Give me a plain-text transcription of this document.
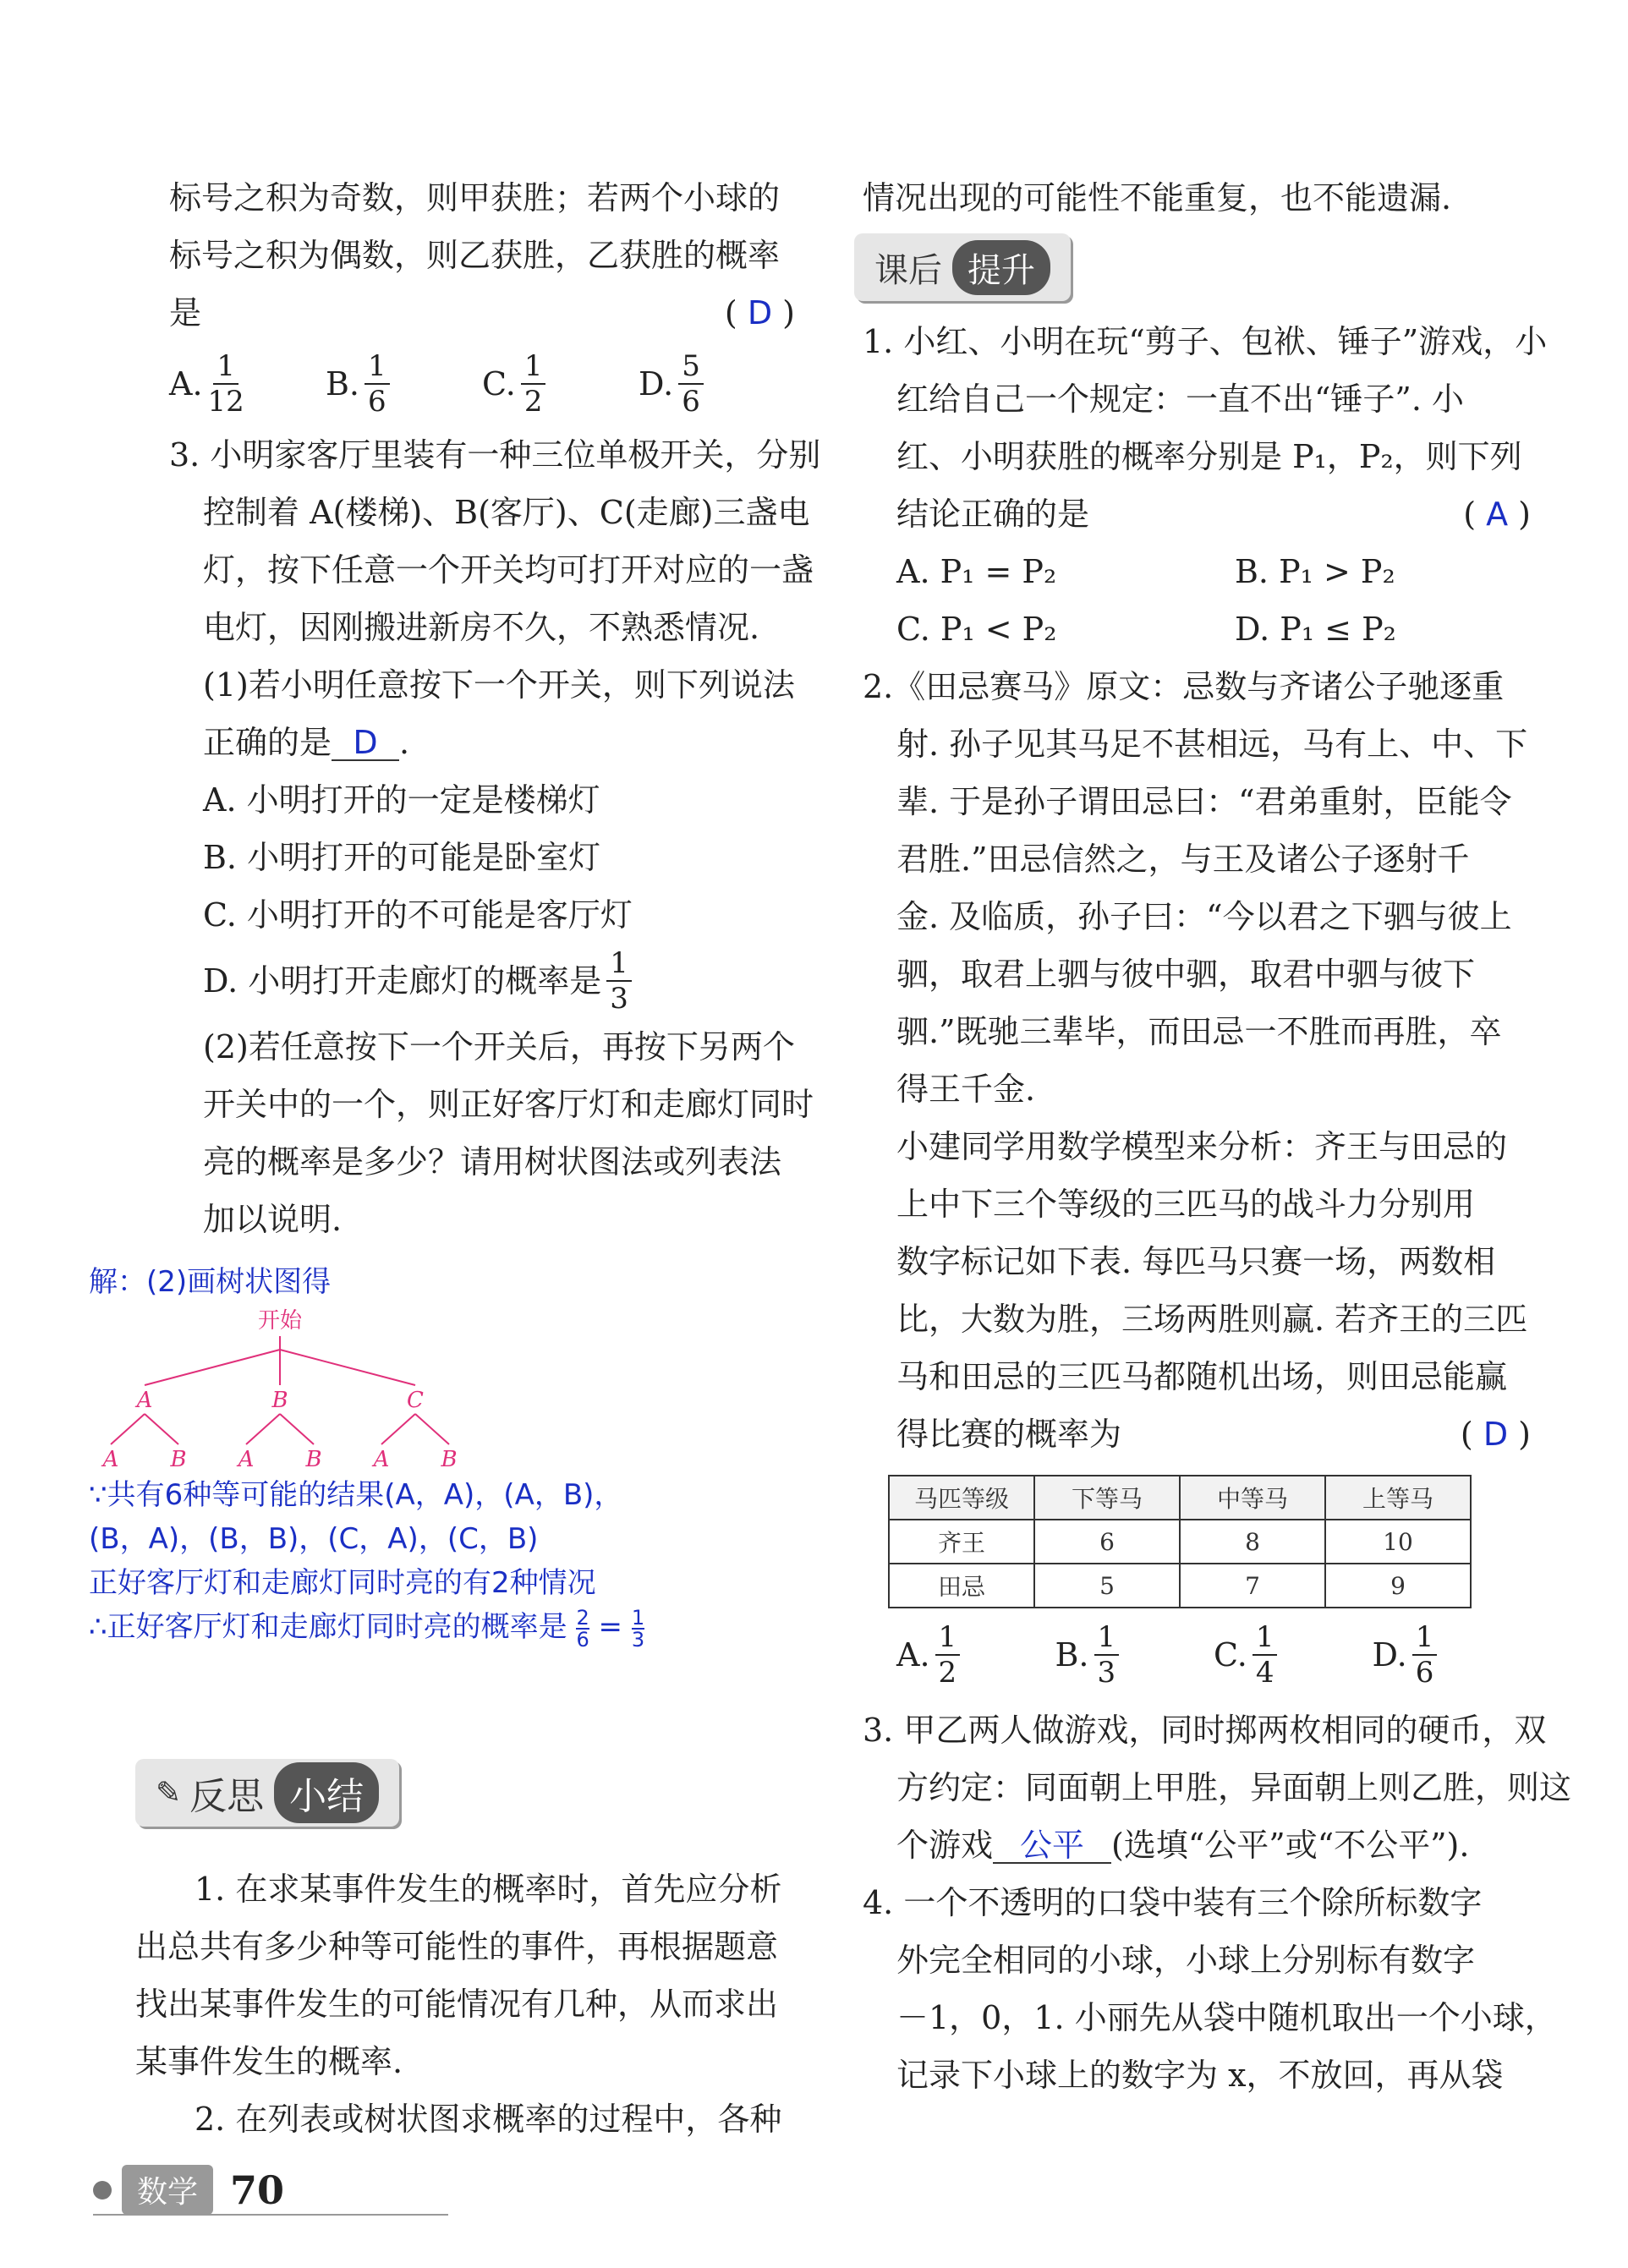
标号之积为奇数，则甲获胜；若两个小球的
标号之积为偶数，则乙获胜，乙获胜的概率
是	( D )
A. $\frac{1}{12}$	B. $\frac{1}{6}$	C. $\frac{1}{2}$	D. $\frac{5}{6}$
3. 小明家客厅里装有一种三位单极开关，分别
控制着 A(楼梯)、B(客厅)、C(走廊)三盏电
灯，按下任意一个开关均可打开对应的一盏
电灯，因刚搬进新房不久，不熟悉情况.
(1)若小明任意按下一个开关，则下列说法
正确的是 D .
A. 小明打开的一定是楼梯灯
B. 小明打开的可能是卧室灯
C. 小明打开的不可能是客厅灯
D. 小明打开走廊灯的概率是 $\frac{1}{3}$
(2)若任意按下一个开关后，再按下另两个
开关中的一个，则正好客厅灯和走廊灯同时
亮的概率是多少？请用树状图法或列表法
加以说明.
解：(2)画树状图得
开始
A	B	C
A B A B A B
∵共有6种等可能的结果(A，A)，(A，B)，
(B，A)，(B，B)，(C，A)，(C，B)
正好客厅灯和走廊灯同时亮的有2种情况
∴正好客厅灯和走廊灯同时亮的概率是 $\frac{2}{6} = \frac{1}{3}$
✎ 反思 小结
1. 在求某事件发生的概率时，首先应分析
出总共有多少种等可能性的事件，再根据题意
找出某事件发生的可能情况有几种，从而求出
某事件发生的概率.
2. 在列表或树状图求概率的过程中，各种
情况出现的可能性不能重复，也不能遗漏.
课后 提升
1. 小红、小明在玩“剪子、包袱、锤子”游戏，小
红给自己一个规定：一直不出“锤子”. 小
红、小明获胜的概率分别是 P₁，P₂，则下列
结论正确的是	( A )
A. P₁ = P₂	B. P₁ > P₂
C. P₁ < P₂	D. P₁ ≤ P₂
2.《田忌赛马》原文：忌数与齐诸公子驰逐重
射. 孙子见其马足不甚相远，马有上、中、下
辈. 于是孙子谓田忌曰：“君弟重射，臣能令
君胜.”田忌信然之，与王及诸公子逐射千
金. 及临质，孙子曰：“今以君之下驷与彼上
驷，取君上驷与彼中驷，取君中驷与彼下
驷.”既驰三辈毕，而田忌一不胜而再胜，卒
得王千金.
小建同学用数学模型来分析：齐王与田忌的
上中下三个等级的三匹马的战斗力分别用
数字标记如下表. 每匹马只赛一场，两数相
比，大数为胜，三场两胜则赢. 若齐王的三匹
马和田忌的三匹马都随机出场，则田忌能赢
得比赛的概率为	( D )
马匹等级	下等马	中等马	上等马
齐王	6	8	10
田忌	5	7	9
A. $\frac{1}{2}$	B. $\frac{1}{3}$	C. $\frac{1}{4}$	D. $\frac{1}{6}$
3. 甲乙两人做游戏，同时掷两枚相同的硬币，双
方约定：同面朝上甲胜，异面朝上则乙胜，则这
个游戏 公平 (选填“公平”或“不公平”).
4. 一个不透明的口袋中装有三个除所标数字
外完全相同的小球，小球上分别标有数字
－1，0，1. 小丽先从袋中随机取出一个小球，
记录下小球上的数字为 x，不放回，再从袋
数学 70
